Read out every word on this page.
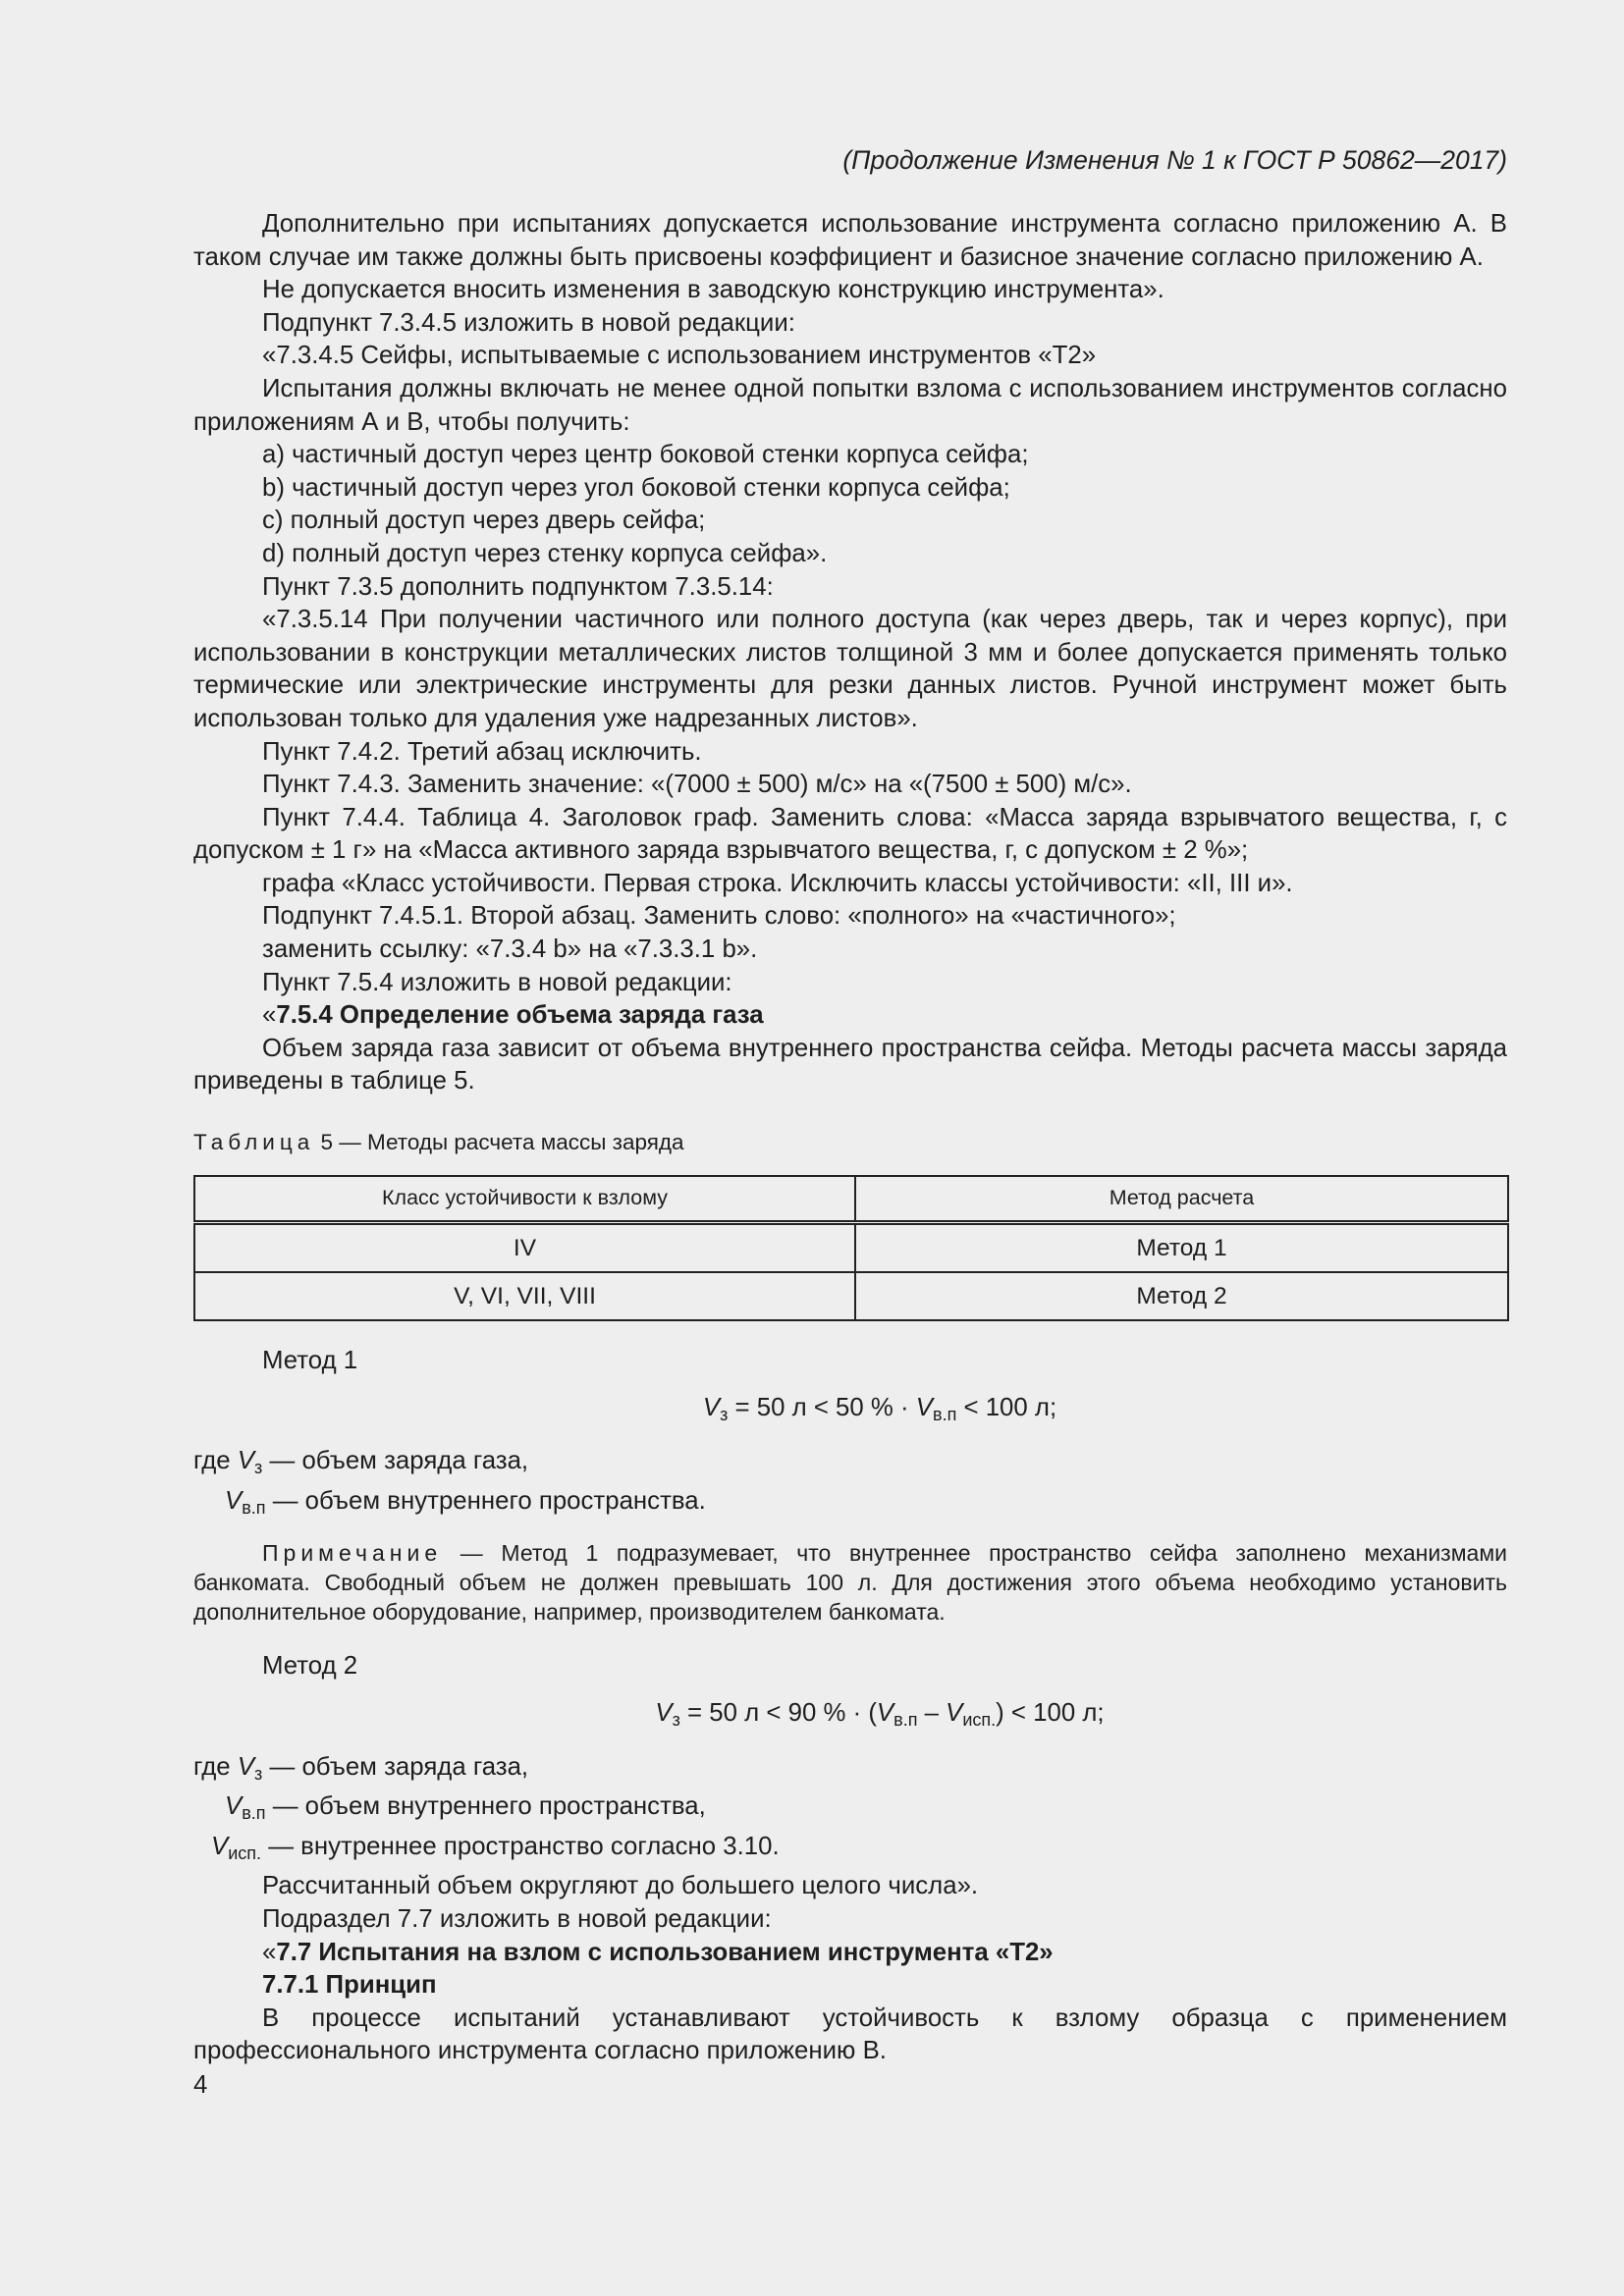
(Продолжение Изменения № 1 к ГОСТ Р 50862—2017)
Дополнительно при испытаниях допускается использование инструмента согласно приложению А. В таком случае им также должны быть присвоены коэффициент и базисное значение согласно приложению А.
Не допускается вносить изменения в заводскую конструкцию инструмента».
Подпункт 7.3.4.5 изложить в новой редакции:
«7.3.4.5 Сейфы, испытываемые с использованием инструментов «Т2»
Испытания должны включать не менее одной попытки взлома с использованием инструментов согласно приложениям А и В, чтобы получить:
a) частичный доступ через центр боковой стенки корпуса сейфа;
b) частичный доступ через угол боковой стенки корпуса сейфа;
c) полный доступ через дверь сейфа;
d) полный доступ через стенку корпуса сейфа».
Пункт 7.3.5 дополнить подпунктом 7.3.5.14:
«7.3.5.14 При получении частичного или полного доступа (как через дверь, так и через корпус), при использовании в конструкции металлических листов толщиной 3 мм и более допускается применять только термические или электрические инструменты для резки данных листов. Ручной инструмент может быть использован только для удаления уже надрезанных листов».
Пункт 7.4.2. Третий абзац исключить.
Пункт 7.4.3. Заменить значение: «(7000 ± 500) м/с» на «(7500 ± 500) м/с».
Пункт 7.4.4. Таблица 4. Заголовок граф. Заменить слова: «Масса заряда взрывчатого вещества, г, с допуском ± 1 г» на «Масса активного заряда взрывчатого вещества, г, с допуском ± 2 %»;
графа «Класс устойчивости. Первая строка. Исключить классы устойчивости: «II, III и».
Подпункт 7.4.5.1. Второй абзац. Заменить слово: «полного» на «частичного»;
заменить ссылку: «7.3.4 b» на «7.3.3.1 b».
Пункт 7.5.4 изложить в новой редакции:
«7.5.4 Определение объема заряда газа
Объем заряда газа зависит от объема внутреннего пространства сейфа. Методы расчета массы заряда приведены в таблице 5.
Таблица 5 — Методы расчета массы заряда
Класс устойчивости к взлому	Метод расчета
IV	Метод 1
V, VI, VII, VIII	Метод 2
Метод 1
$V_з = 50$ л < 50 % · $V_{в.п} < 100$ л;
где $V_з$ — объем заряда газа,
$V_{в.п}$ — объем внутреннего пространства.
Примечание — Метод 1 подразумевает, что внутреннее пространство сейфа заполнено механизмами банкомата. Свободный объем не должен превышать 100 л. Для достижения этого объема необходимо установить дополнительное оборудование, например, производителем банкомата.
Метод 2
$V_з = 50$ л < 90 % · $(V_{в.п} - V_{исп.}) < 100$ л;
где $V_з$ — объем заряда газа,
$V_{в.п}$ — объем внутреннего пространства,
$V_{исп.}$ — внутреннее пространство согласно 3.10.
Рассчитанный объем округляют до большего целого числа».
Подраздел 7.7 изложить в новой редакции:
«7.7 Испытания на взлом с использованием инструмента «Т2»
7.7.1 Принцип
В процессе испытаний устанавливают устойчивость к взлому образца с применением профессионального инструмента согласно приложению В.
4
